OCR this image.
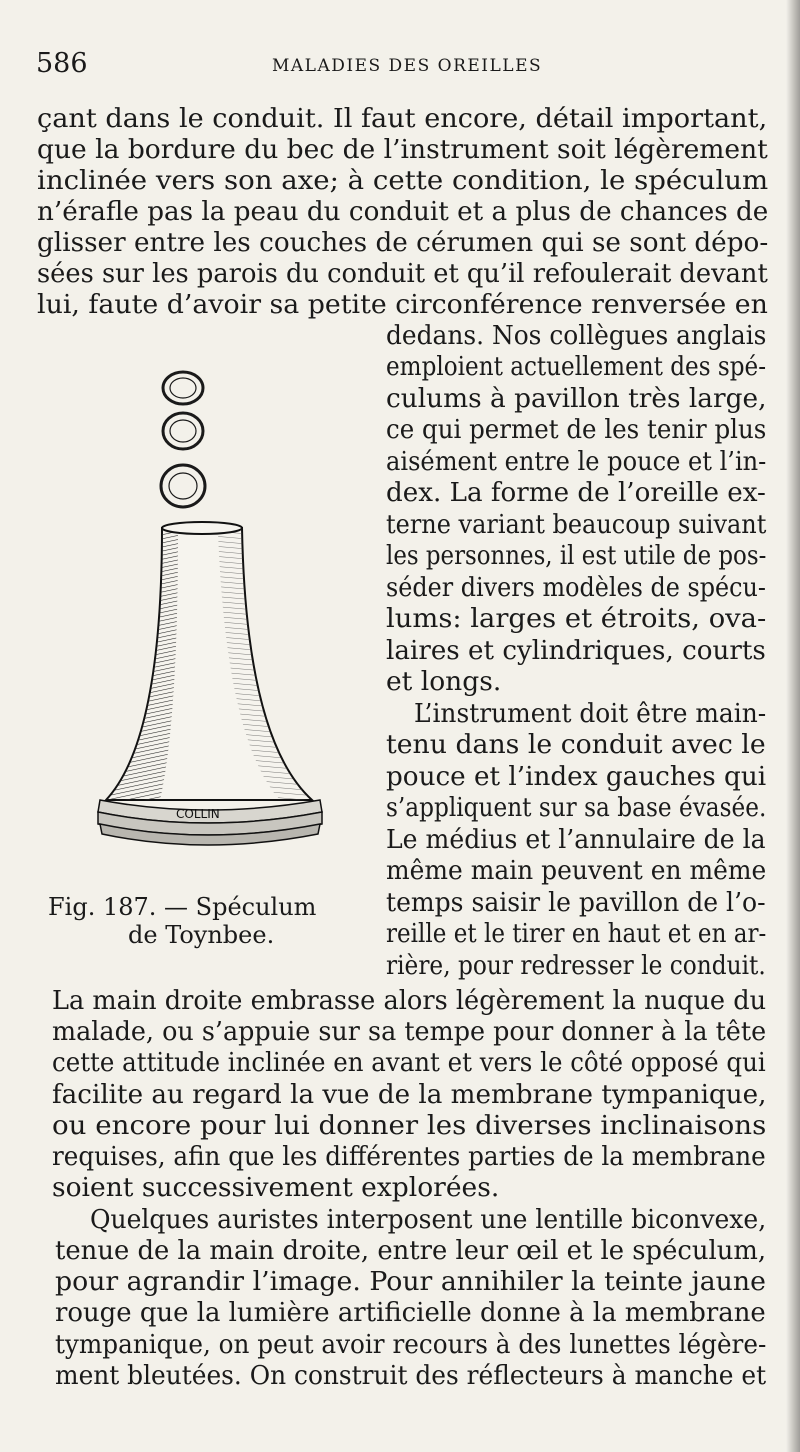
586	MALADIES DES OREILLES
çant dans le conduit. Il faut encore, détail important,
que la bordure du bec de l’instrument soit légèrement
inclinée vers son axe; à cette condition, le spéculum
n’érafle pas la peau du conduit et a plus de chances de
glisser entre les couches de cérumen qui se sont dépo-
sées sur les parois du conduit et qu’il refoulerait devant
lui, faute d’avoir sa petite circonférence renversée en
dedans. Nos collègues anglais
emploient actuellement des spé-
culums à pavillon très large,
ce qui permet de les tenir plus
aisément entre le pouce et l’in-
dex. La forme de l’oreille ex-
terne variant beaucoup suivant
les personnes, il est utile de pos-
séder divers modèles de spécu-
lums: larges et étroits, ova-
laires et cylindriques, courts
et longs.
L’instrument doit être main-
tenu dans le conduit avec le
pouce et l’index gauches qui
s’appliquent sur sa base évasée.
Le médius et l’annulaire de la
même main peuvent en même
temps saisir le pavillon de l’o-
reille et le tirer en haut et en ar-
rière, pour redresser le conduit.
La main droite embrasse alors légèrement la nuque du
malade, ou s’appuie sur sa tempe pour donner à la tête
cette attitude inclinée en avant et vers le côté opposé qui
facilite au regard la vue de la membrane tympanique,
ou encore pour lui donner les diverses inclinaisons
requises, afin que les différentes parties de la membrane
soient successivement explorées.
Quelques auristes interposent une lentille biconvexe,
tenue de la main droite, entre leur œil et le spéculum,
pour agrandir l’image. Pour annihiler la teinte jaune
rouge que la lumière artificielle donne à la membrane
tympanique, on peut avoir recours à des lunettes légère-
ment bleutées. On construit des réflecteurs à manche et
COLLIN
Fig. 187. — Spéculum
de Toynbee.
